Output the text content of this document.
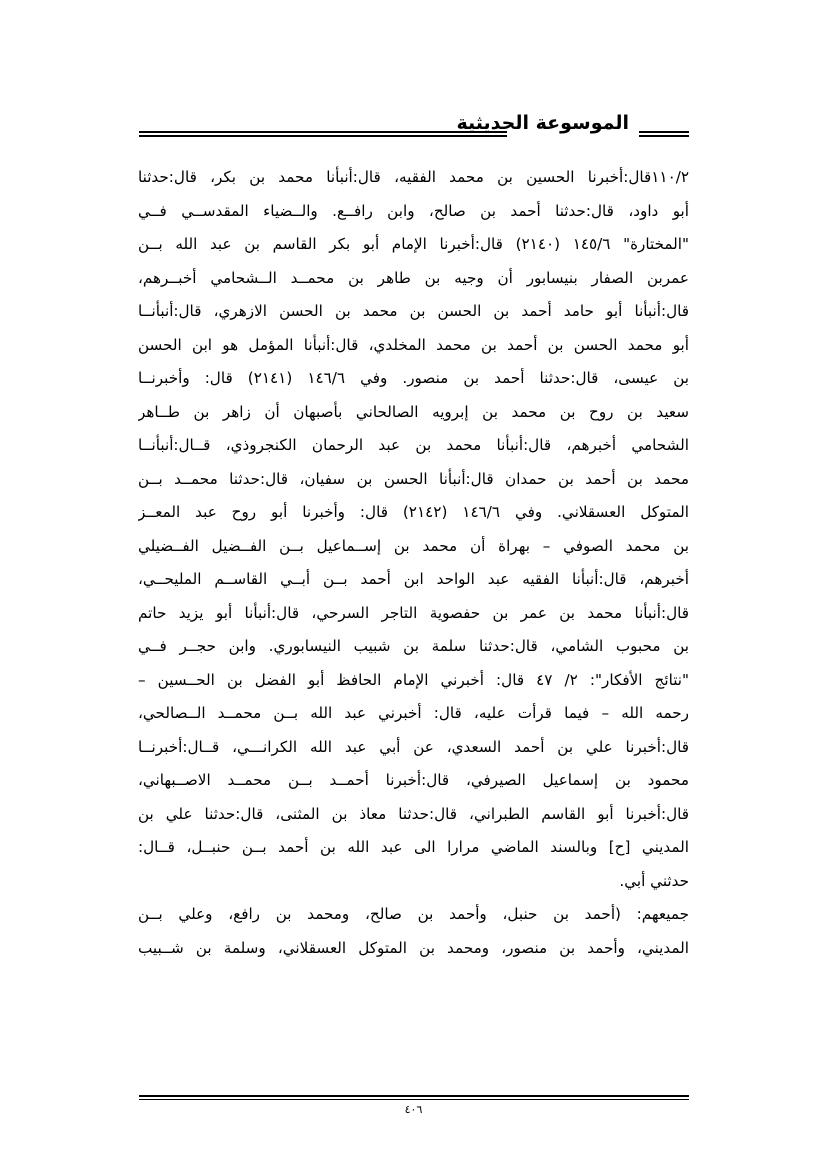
الموسوعة الحديثية
١١٠/٢قال:أخبرنا الحسين بن محمد الفقيه، قال:أنبأنا محمد بن بكر، قال:حدثنا
أبو داود، قال:حدثنا أحمد بن صالح، وابن رافــع. والــضياء المقدســي فــي
"المختارة" ١٤٥/٦ (٢١٤٠) قال:أخبرنا الإمام أبو بكر القاسم بن عبد الله بــن
عمربن الصفار بنيسابور أن وجيه بن طاهر بن محمــد الــشحامي أخبــرهم،
قال:أنبأنا أبو حامد أحمد بن الحسن بن محمد بن الحسن الازهري، قال:أنبأنــا
أبو محمد الحسن بن أحمد بن محمد المخلدي، قال:أنبأنا المؤمل هو ابن الحسن
بن عيسى، قال:حدثنا أحمد بن منصور. وفي ١٤٦/٦ (٢١٤١) قال: وأخبرنــا
سعيد بن روح بن محمد بن إبرويه الصالحاني بأصبهان أن زاهر بن طــاهر
الشحامي أخبرهم، قال:أنبأنا محمد بن عبد الرحمان الكنجروذي، قــال:أنبأنــا
محمد بن أحمد بن حمدان قال:أنبأنا الحسن بن سفيان، قال:حدثنا محمــد بــن
المتوكل العسقلاني. وفي ١٤٦/٦ (٢١٤٢) قال: وأخبرنا أبو روح عبد المعــز
بن محمد الصوفي – بهراة أن محمد بن إســماعيل بــن الفــضيل الفــضيلي
أخبرهم، قال:أنبأنا الفقيه عبد الواحد ابن أحمد بــن أبــي القاســم المليحــي،
قال:أنبأنا محمد بن عمر بن حفصوية التاجر السرحي، قال:أنبأنا أبو يزيد حاتم
بن محبوب الشامي، قال:حدثنا سلمة بن شبيب النيسابوري. وابن حجــر فــي
"نتائج الأفكار": ٢/ ٤٧ قال: أخبرني الإمام الحافظ أبو الفضل بن الحــسين –
رحمه الله – فيما قرأت عليه، قال: أخبرني عبد الله بــن محمــد الــصالحي،
قال:أخبرنا علي بن أحمد السعدي، عن أبي عبد الله الكرانـــي، قــال:أخبرنــا
محمود بن إسماعيل الصيرفي، قال:أخبرنا أحمــد بــن محمــد الاصــبهاني،
قال:أخبرنا أبو القاسم الطبراني، قال:حدثنا معاذ بن المثنى، قال:حدثنا علي بن
المديني [ح] وبالسند الماضي مرارا الى عبد الله بن أحمد بــن حنبــل، قــال:
حدثني أبي.
جميعهم: (أحمد بن حنبل، وأحمد بن صالح، ومحمد بن رافع، وعلي بــن
المديني، وأحمد بن منصور، ومحمد بن المتوكل العسقلاني، وسلمة بن شــبيب
٤٠٦
